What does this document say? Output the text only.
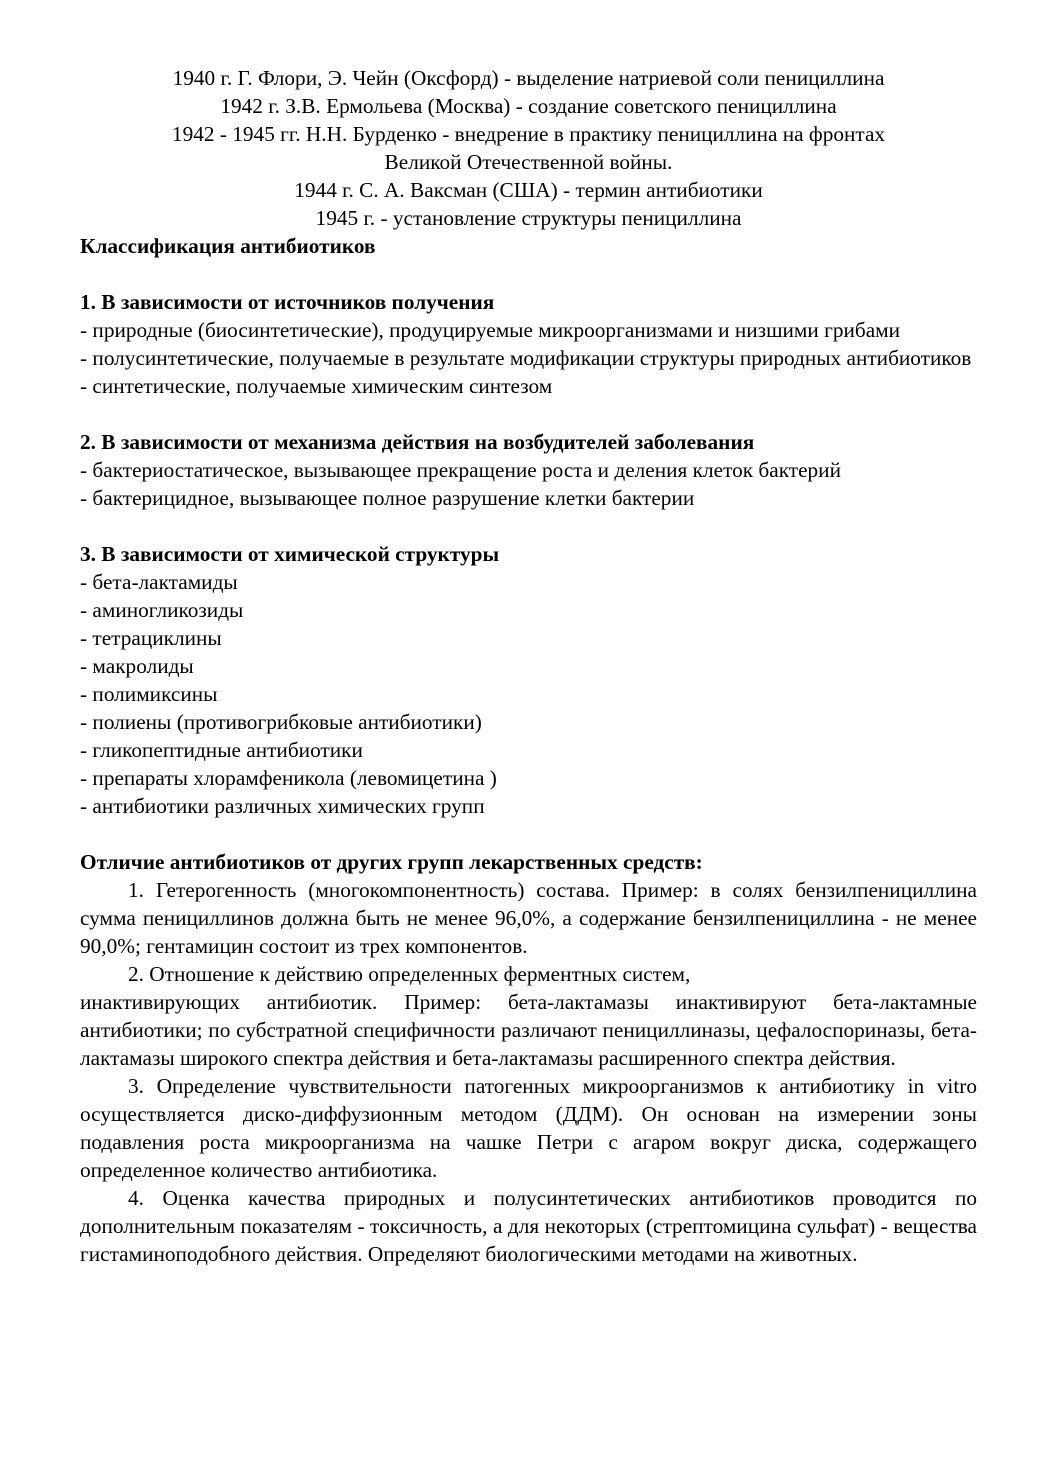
1940 г. Г. Флори, Э. Чейн (Оксфорд) - выделение натриевой соли пенициллина

1942 г. З.В. Ермольева (Москва) - создание советского пенициллина

1942 - 1945 гг. Н.Н. Бурденко - внедрение в практику пенициллина на фронтах

Великой Отечественной войны.

1944 г. С. А. Ваксман (США) - термин антибиотики

1945 г. - установление структуры пенициллина

Классификация антибиотиков

1. В зависимости от источников получения

- природные (биосинтетические), продуцируемые микроорганизмами и низшими грибами

- полусинтетические, получаемые в результате модификации структуры природных антибиотиков

- синтетические, получаемые химическим синтезом

2. В зависимости от механизма действия на возбудителей заболевания

- бактериостатическое, вызывающее прекращение роста и деления клеток бактерий

- бактерицидное, вызывающее полное разрушение клетки бактерии

3. В зависимости от химической структуры

- бета-лактамиды

- аминогликозиды

- тетрациклины

- макролиды

- полимиксины

- полиены (противогрибковые антибиотики)

- гликопептидные антибиотики

- препараты хлорамфеникола (левомицетина )

- антибиотики различных химических групп

Отличие антибиотиков от других групп лекарственных средств:

1. Гетерогенность (многокомпонентность) состава. Пример: в солях бензилпенициллина сумма пенициллинов должна быть не менее 96,0%, а содержание бензилпенициллина - не менее 90,0%; гентамицин состоит из трех компонентов.

2. Отношение к действию определенных ферментных систем,

инактивирующих антибиотик. Пример: бета-лактамазы инактивируют бета-лактамные антибиотики; по субстратной специфичности различают пенициллиназы, цефалоспориназы, бета-лактамазы широкого спектра действия и бета-лактамазы расширенного спектра действия.

3. Определение чувствительности патогенных микроорганизмов к антибиотику in vitro осуществляется диско-диффузионным методом (ДДМ). Он основан на измерении зоны подавления роста микроорганизма на чашке Петри с агаром вокруг диска, содержащего определенное количество антибиотика.

4. Оценка качества природных и полусинтетических антибиотиков проводится по дополнительным показателям - токсичность, а для некоторых (стрептомицина сульфат) - вещества гистаминоподобного действия. Определяют биологическими методами на животных.
